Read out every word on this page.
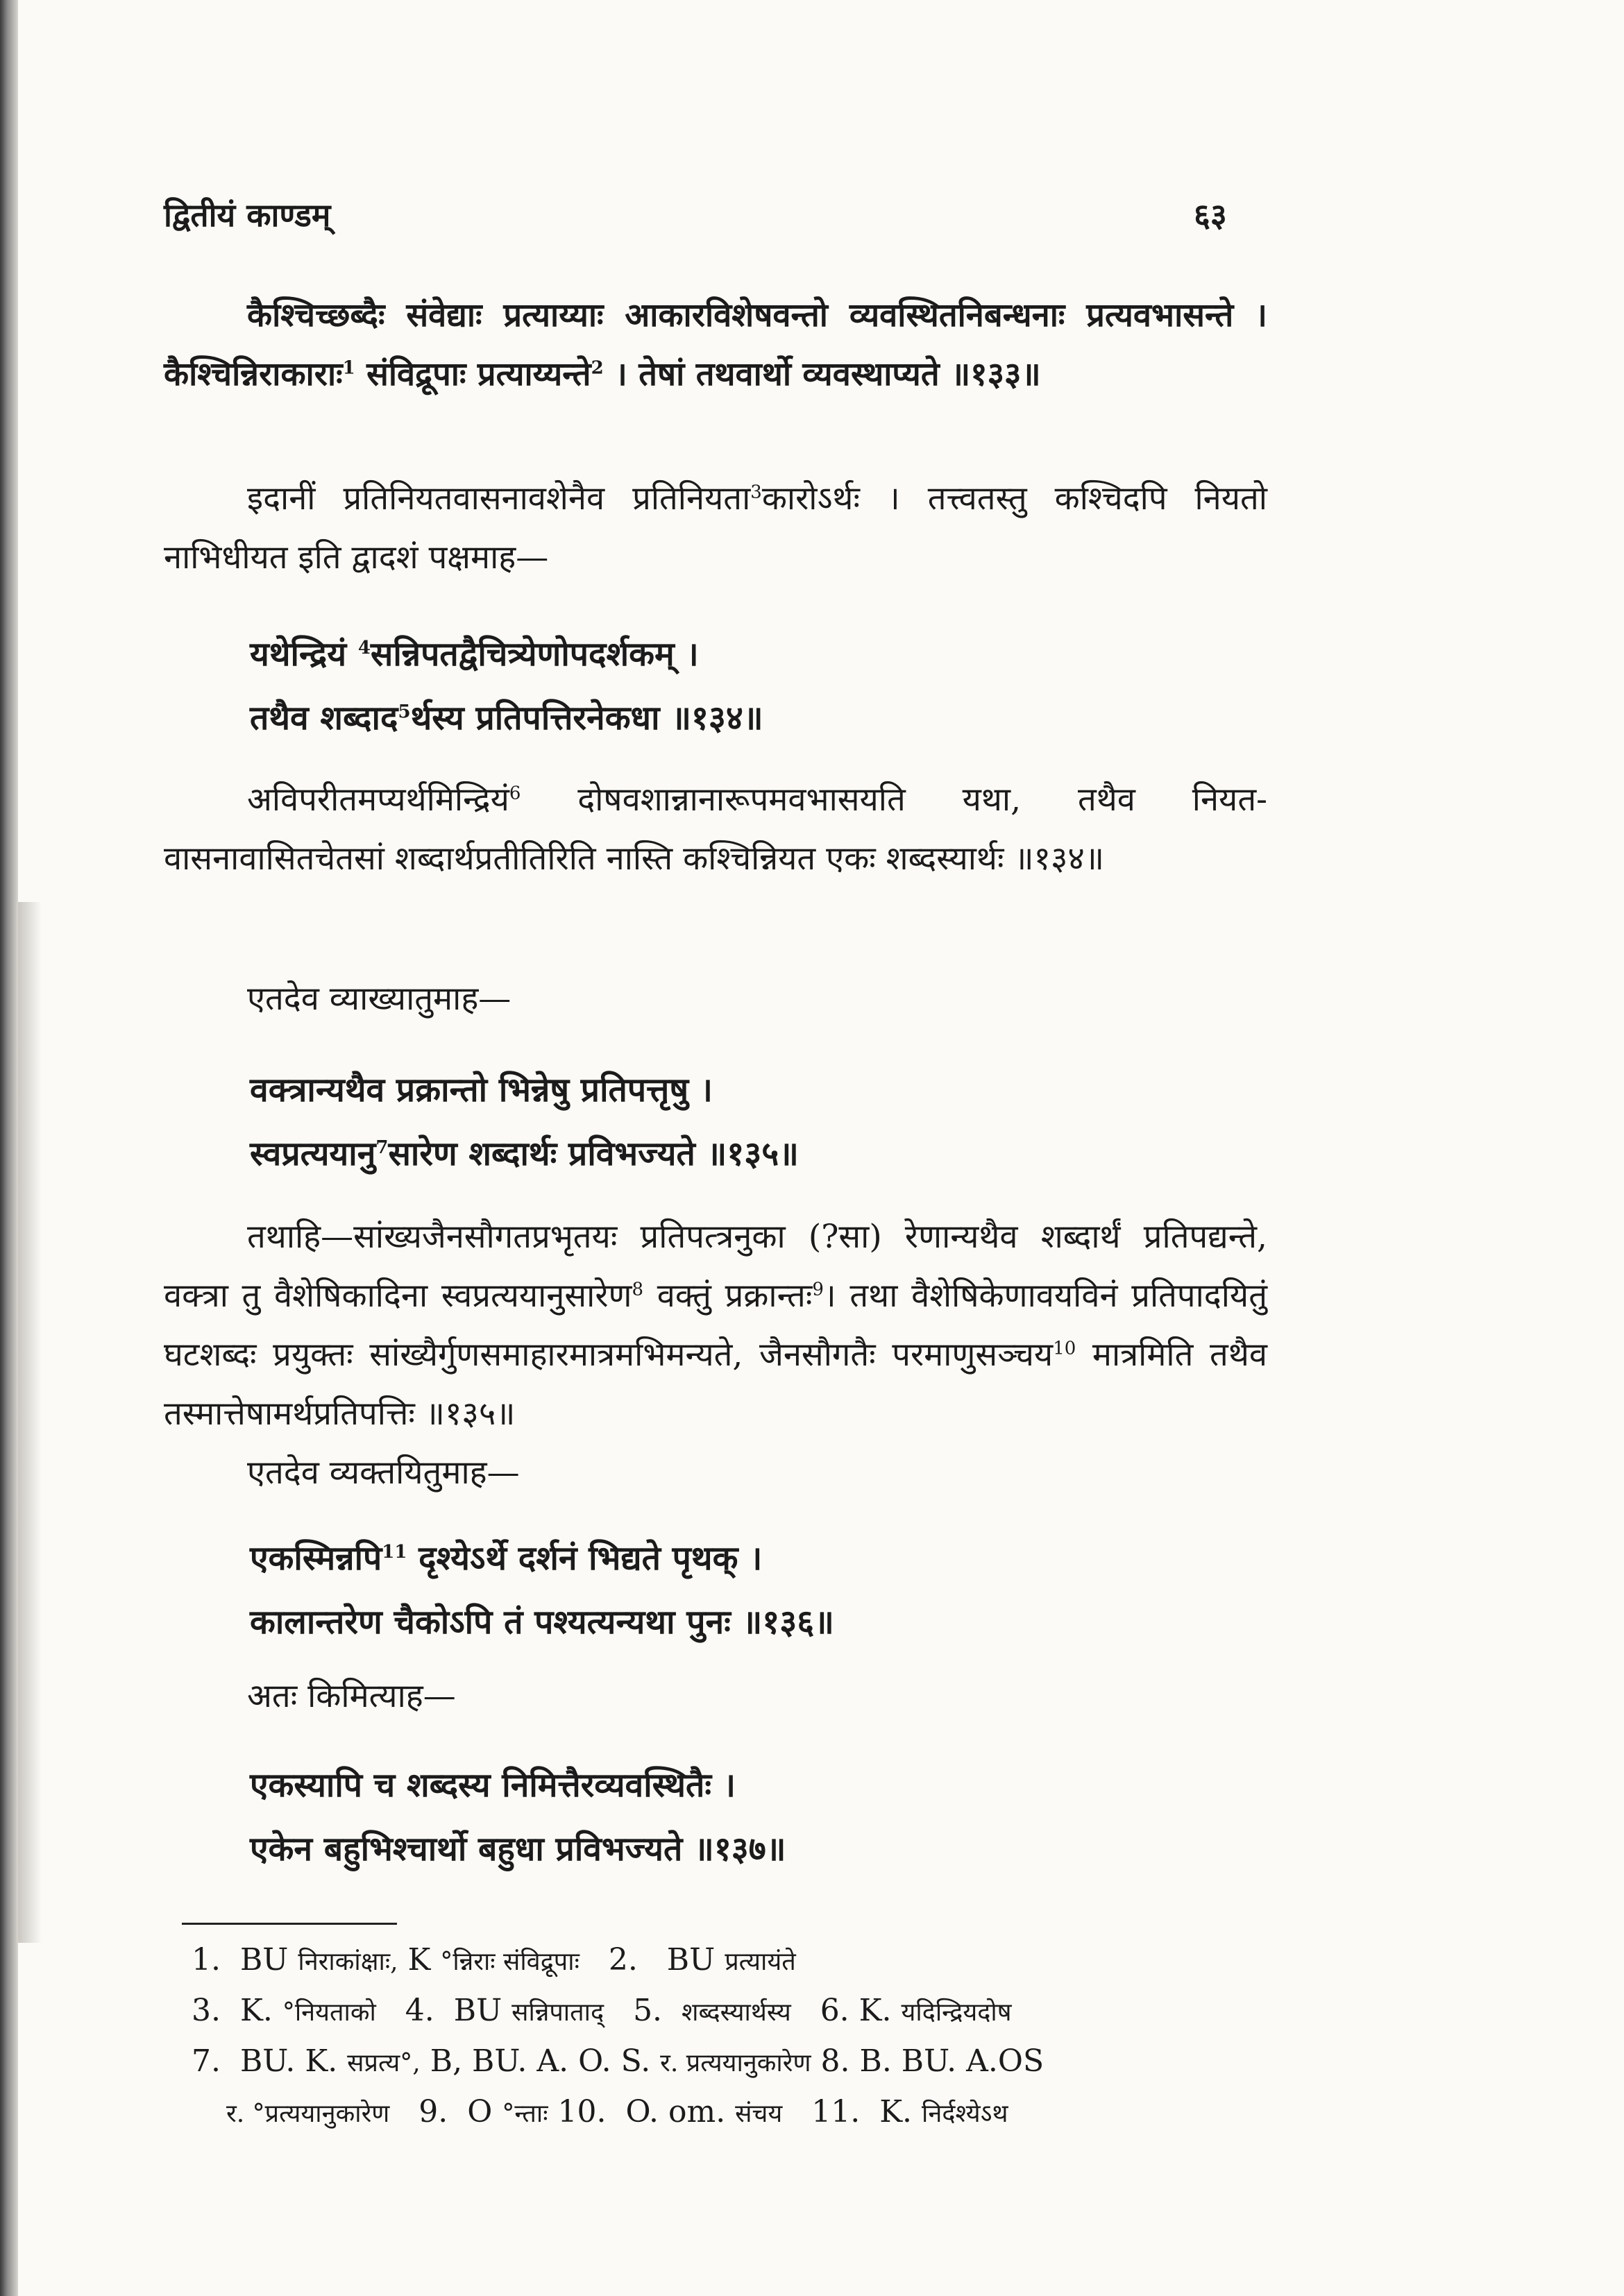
द्वितीयं काण्डम्	६३
कैश्चिच्छब्दैः संवेद्याः प्रत्याय्याः आकारविशेषवन्तो व्यवस्थितनिबन्धनाः प्रत्यवभासन्ते । कैश्चिन्निराकाराः$^1$ संविद्रूपाः प्रत्याय्यन्ते$^2$ । तेषां तथवार्थो व्यवस्थाप्यते ॥१३३॥
इदानीं प्रतिनियतवासनावशेनैव प्रतिनियता$^3$कारोऽर्थः । तत्त्वतस्तु कश्चिदपि नियतो नाभिधीयत इति द्वादशं पक्षमाह—
यथेन्द्रियं $^4$सन्निपतद्वैचित्र्येणोपदर्शकम् ।
तथैव शब्दाद$^5$र्थस्य प्रतिपत्तिरनेकधा ॥१३४॥
अविपरीतमप्यर्थमिन्द्रियं$^6$ दोषवशान्नानारूपमवभासयति यथा, तथैव नियत-वासनावासितचेतसां शब्दार्थप्रतीतिरिति नास्ति कश्चिन्नियत एकः शब्दस्यार्थः ॥१३४॥
एतदेव व्याख्यातुमाह—
वक्त्रान्यथैव प्रक्रान्तो भिन्नेषु प्रतिपत्तृषु ।
स्वप्रत्ययानु$^7$सारेण शब्दार्थः प्रविभज्यते ॥१३५॥
तथाहि—सांख्यजैनसौगतप्रभृतयः प्रतिपत्त्रनुका (?सा) रेणान्यथैव शब्दार्थं प्रतिपद्यन्ते, वक्त्रा तु वैशेषिकादिना स्वप्रत्ययानुसारेण$^8$ वक्तुं प्रक्रान्तः$^9$। तथा वैशेषिकेणावयविनं प्रतिपादयितुं घटशब्दः प्रयुक्तः सांख्यैर्गुणसमाहारमात्रमभिमन्यते, जैनसौगतैः परमाणुसञ्चय$^{10}$ मात्रमिति तथैव तस्मात्तेषामर्थप्रतिपत्तिः ॥१३५॥
एतदेव व्यक्तयितुमाह—
एकस्मिन्नपि$^{11}$ दृश्येऽर्थे दर्शनं भिद्यते पृथक् ।
कालान्तरेण चैकोऽपि तं पश्यत्यन्यथा पुनः ॥१३६॥
अतः किमित्याह—
एकस्यापि च शब्दस्य निमित्तैरव्यवस्थितैः ।
एकेन बहुभिश्चार्थो बहुधा प्रविभज्यते ॥१३७॥
1. BU निराकांक्षाः, K °न्निराः संविद्रूपाः 2. BU प्रत्यायंते
3. K. °नियताको 4. BU सन्निपाताद् 5. शब्दस्यार्थस्य 6. K. यदिन्द्रियदोष
7. BU. K. सप्रत्य°, B, BU. A. O. S. र. प्रत्ययानुकारेण 8. B. BU. A.OS
र. °प्रत्ययानुकारेण 9. O °न्ताः 10. O. om. संचय 11. K. निर्दश्येऽथ
